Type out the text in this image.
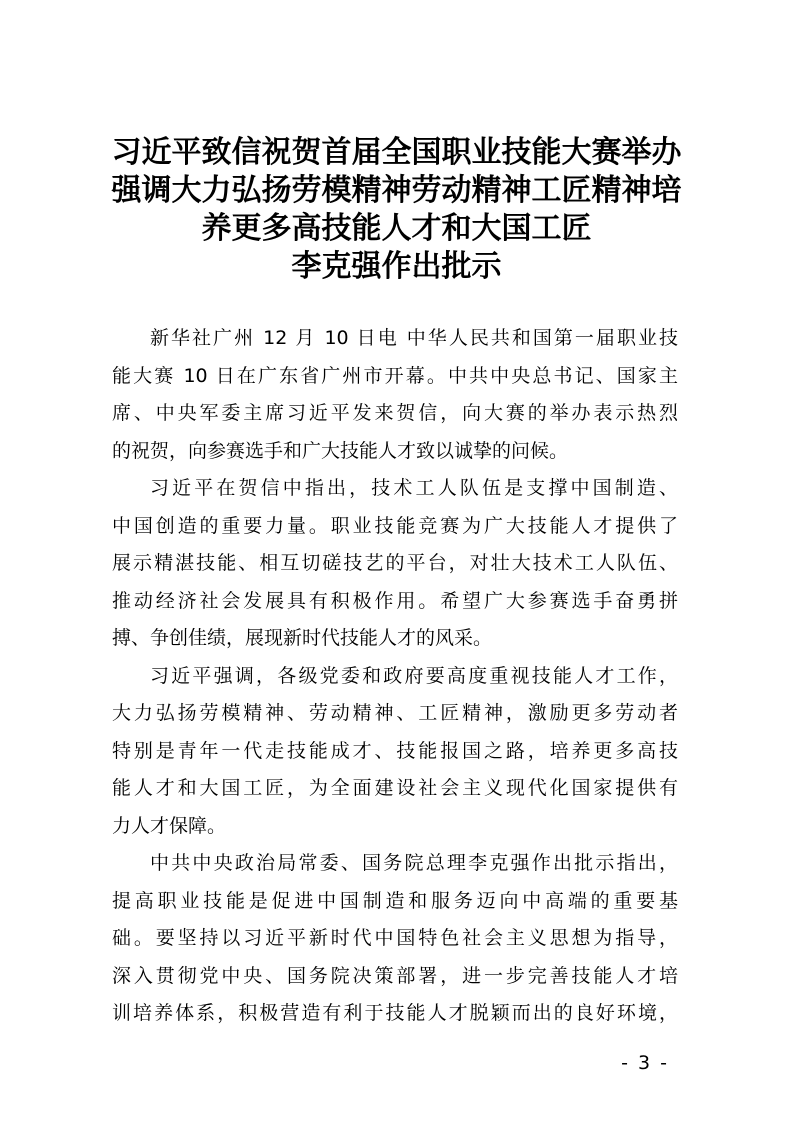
习近平致信祝贺首届全国职业技能大赛举办
强调大力弘扬劳模精神劳动精神工匠精神培
养更多高技能人才和大国工匠
李克强作出批示
新华社广州 12 月 10 日电 中华人民共和国第一届职业技
能大赛 10 日在广东省广州市开幕。中共中央总书记、国家主
席、中央军委主席习近平发来贺信，向大赛的举办表示热烈
的祝贺，向参赛选手和广大技能人才致以诚挚的问候。
习近平在贺信中指出，技术工人队伍是支撑中国制造、
中国创造的重要力量。职业技能竞赛为广大技能人才提供了
展示精湛技能、相互切磋技艺的平台，对壮大技术工人队伍、
推动经济社会发展具有积极作用。希望广大参赛选手奋勇拼
搏、争创佳绩，展现新时代技能人才的风采。
习近平强调，各级党委和政府要高度重视技能人才工作，
大力弘扬劳模精神、劳动精神、工匠精神，激励更多劳动者
特别是青年一代走技能成才、技能报国之路，培养更多高技
能人才和大国工匠，为全面建设社会主义现代化国家提供有
力人才保障。
中共中央政治局常委、国务院总理李克强作出批示指出，
提高职业技能是促进中国制造和服务迈向中高端的重要基
础。要坚持以习近平新时代中国特色社会主义思想为指导，
深入贯彻党中央、国务院决策部署，进一步完善技能人才培
训培养体系，积极营造有利于技能人才脱颖而出的良好环境，
- 3 -
